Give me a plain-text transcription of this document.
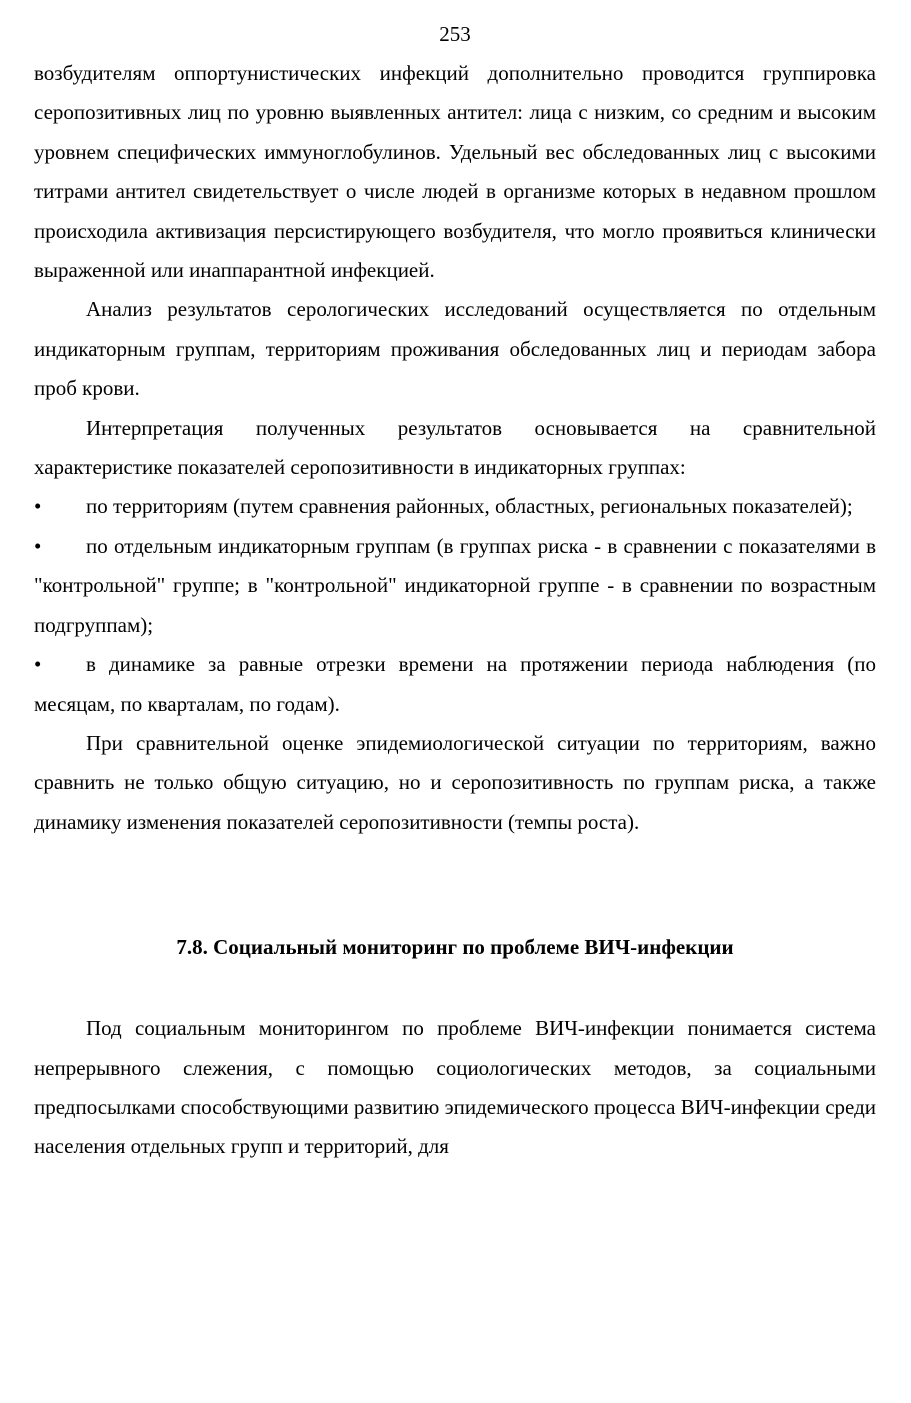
253

возбудителям оппортунистических инфекций дополнительно проводится группировка серопозитивных лиц по уровню выявленных антител: лица с низким, со средним и высоким уровнем специфических иммуноглобулинов. Удельный вес обследованных лиц с высокими титрами антител свидетельствует о числе людей в организме которых в недавном прошлом происходила активизация персистирующего возбудителя, что могло проявиться клинически выраженной или инаппарантной инфекцией.

Анализ результатов серологических исследований осуществляется по отдельным индикаторным группам, территориям проживания обследованных лиц и периодам забора проб крови.

Интерпретация полученных результатов основывается на сравнительной характеристике показателей серопозитивности в индикаторных группах:

• по территориям (путем сравнения районных, областных, региональных показателей);

• по отдельным индикаторным группам (в группах риска - в сравнении с показателями в "контрольной" группе; в "контрольной" индикаторной группе - в сравнении по возрастным подгруппам);

• в динамике за равные отрезки времени на протяжении периода наблюдения (по месяцам, по кварталам, по годам).

При сравнительной оценке эпидемиологической ситуации по территориям, важно сравнить не только общую ситуацию, но и серопозитивность по группам риска, а также динамику изменения показателей серопозитивности (темпы роста).

7.8. Социальный мониторинг по проблеме ВИЧ-инфекции

Под социальным мониторингом по проблеме ВИЧ-инфекции понимается система непрерывного слежения, с помощью социологических методов, за социальными предпосылками способствующими развитию эпидемического процесса ВИЧ-инфекции среди населения отдельных групп и территорий, для
